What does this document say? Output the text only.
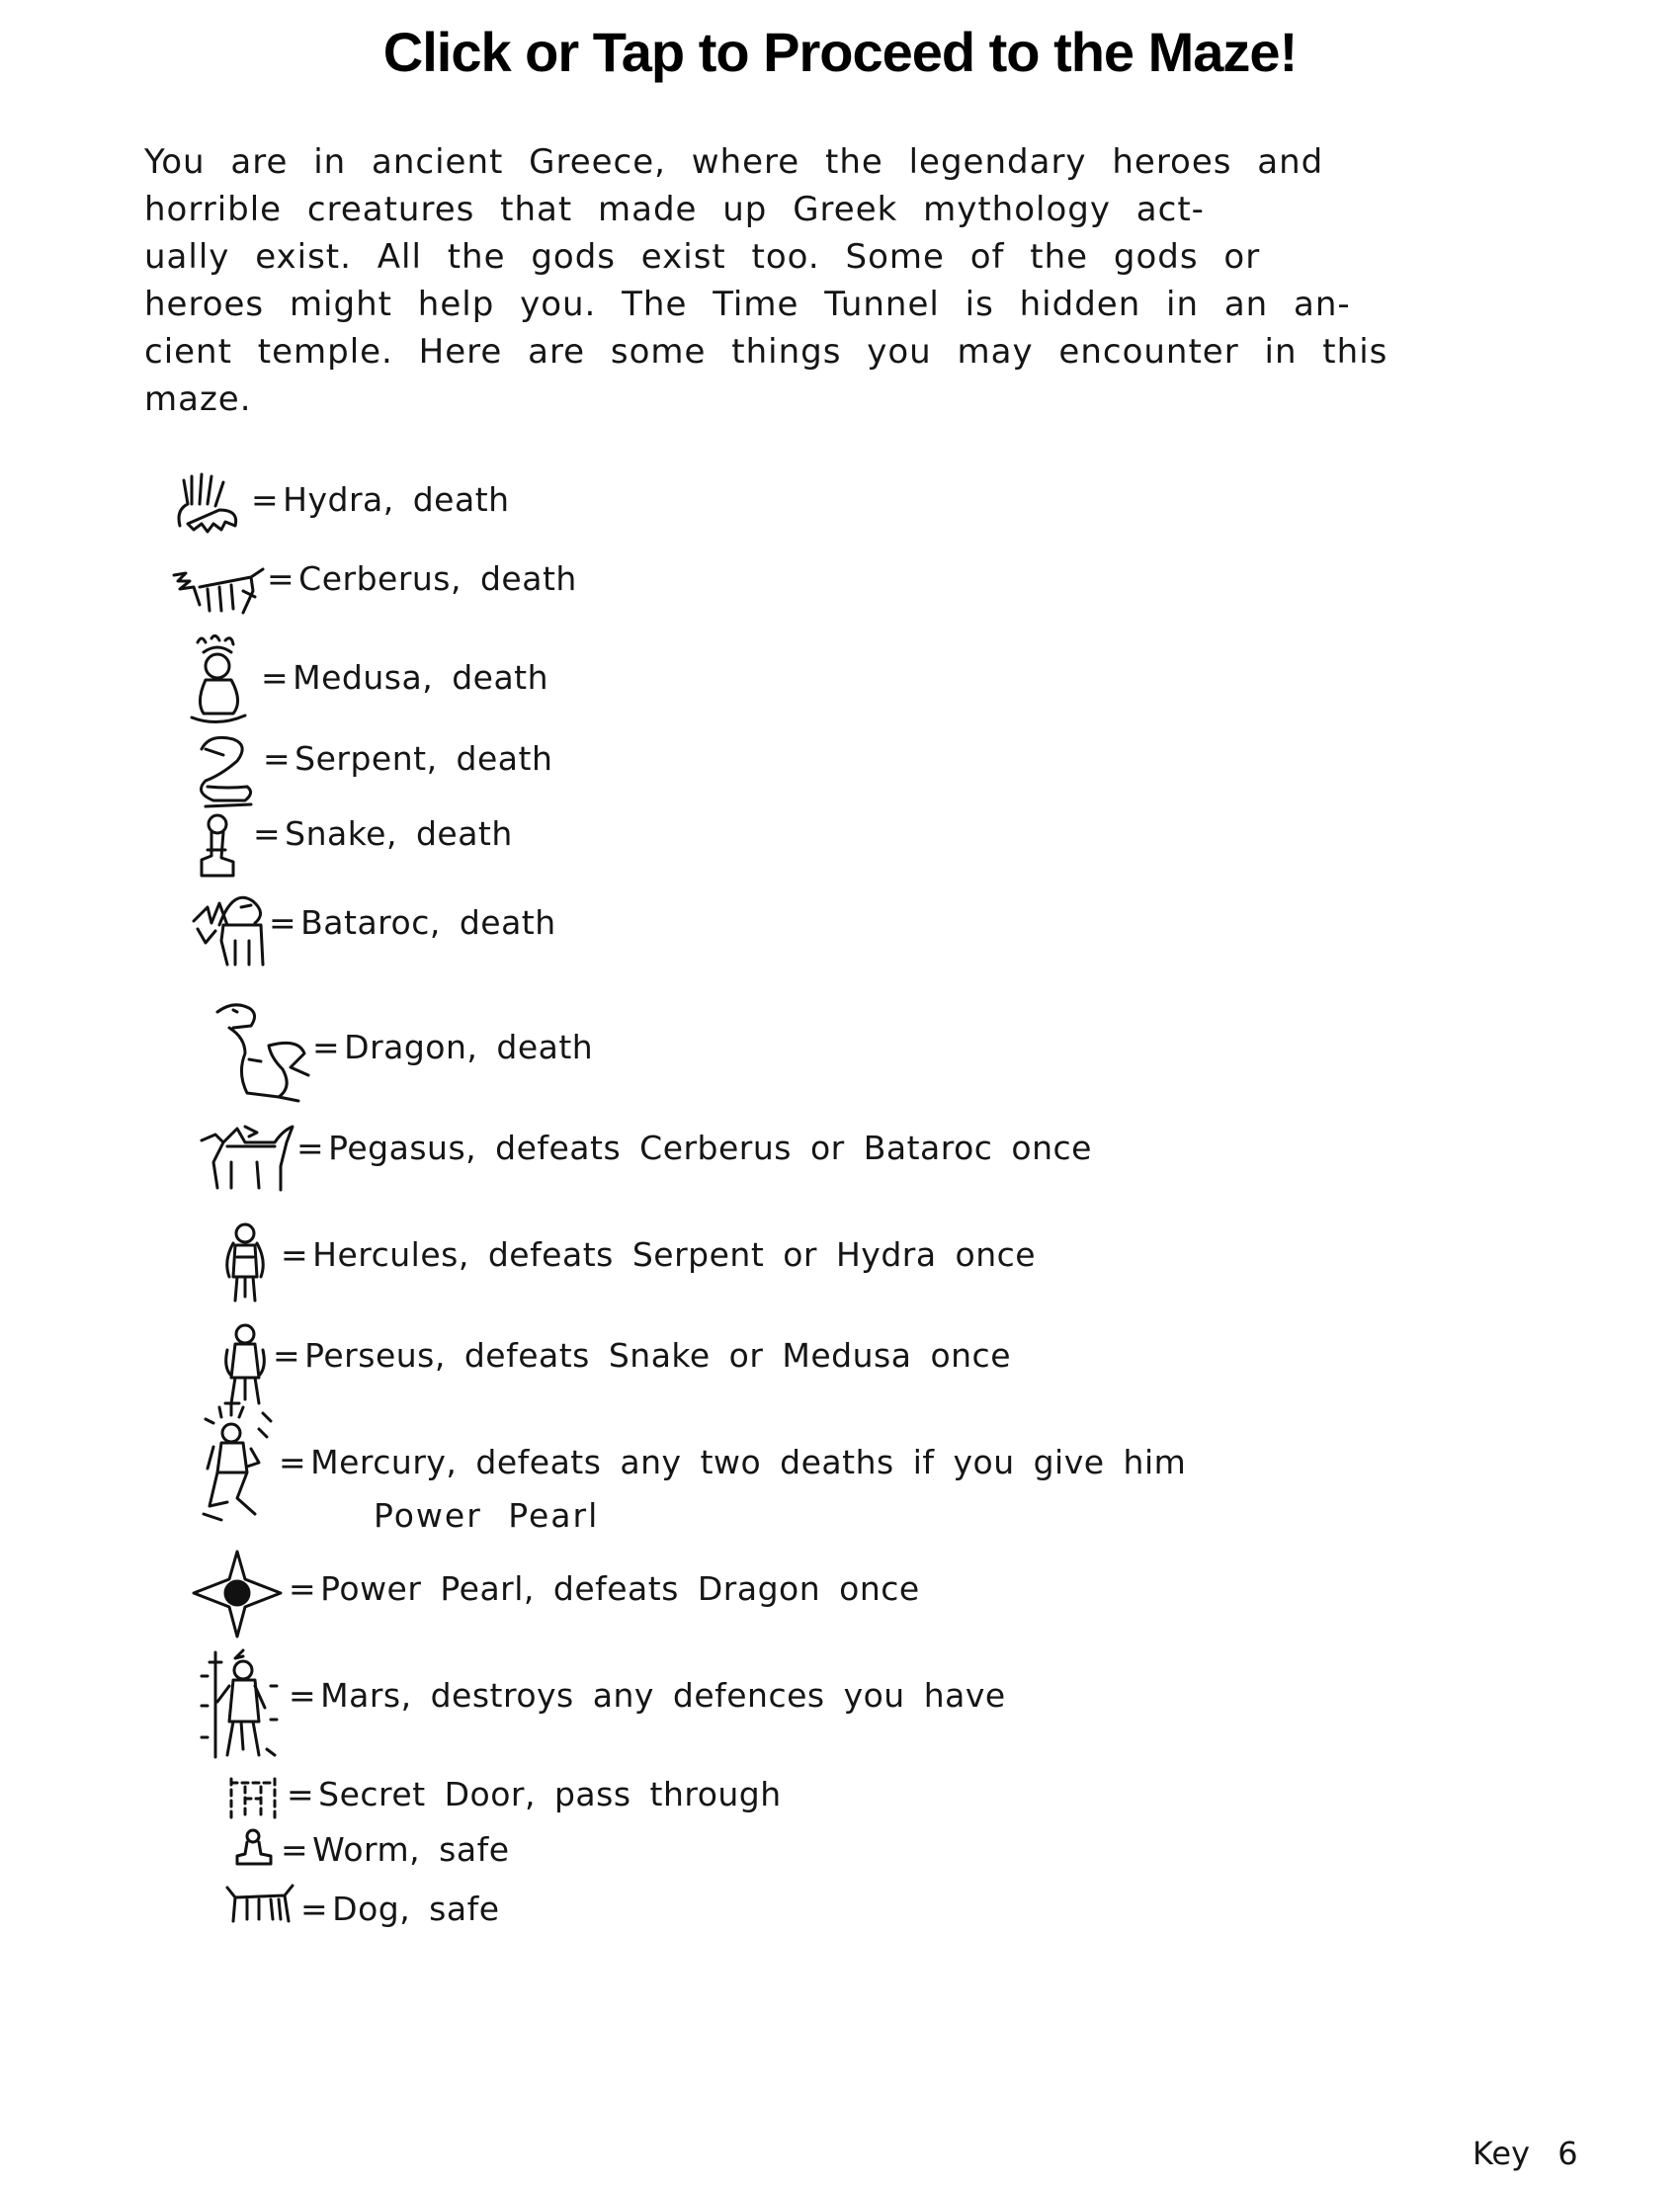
Click or Tap to Proceed to the Maze!
You are in ancient Greece, where the legendary heroes and
horrible creatures that made up Greek mythology act-
ually exist. All the gods exist too. Some of the gods or
heroes might help you. The Time Tunnel is hidden in an an-
cient temple. Here are some things you may encounter in this
maze.
= Hydra, death
= Cerberus, death
= Medusa, death
= Serpent, death
= Snake, death
= Bataroc, death
= Dragon, death
= Pegasus, defeats Cerberus or Bataroc once
= Hercules, defeats Serpent or Hydra once
= Perseus, defeats Snake or Medusa once
= Mercury, defeats any two deaths if you give him
Power Pearl
= Power Pearl, defeats Dragon once
= Mars, destroys any defences you have
= Secret Door, pass through
= Worm, safe
= Dog, safe
Key 6
